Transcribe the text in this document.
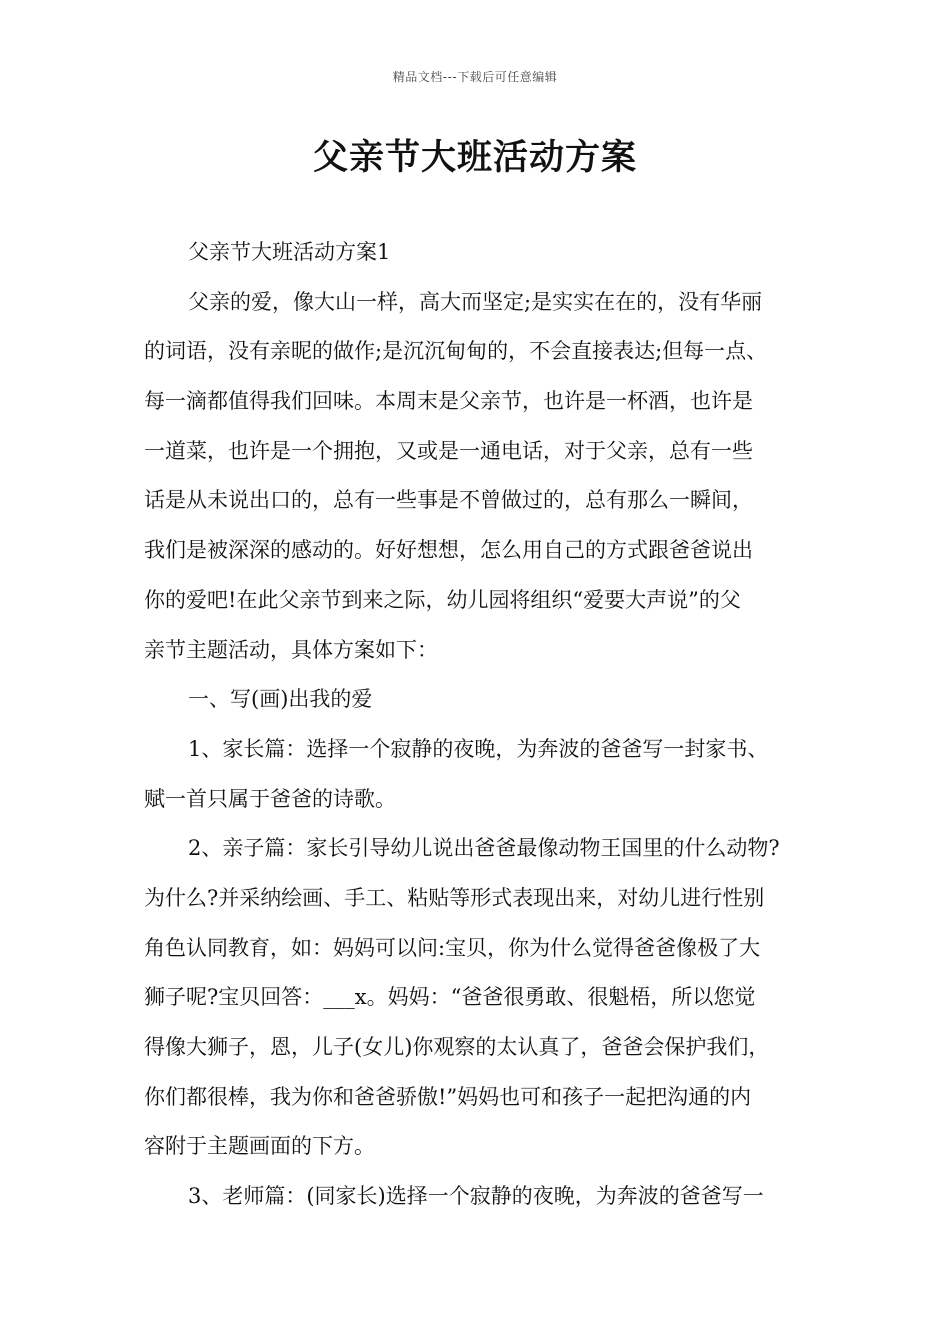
精品文档---下载后可任意编辑
父亲节大班活动方案
父亲节大班活动方案1
父亲的爱，像大山一样，高大而坚定;是实实在在的，没有华丽
的词语，没有亲昵的做作;是沉沉甸甸的，不会直接表达;但每一点、
每一滴都值得我们回味。本周末是父亲节，也许是一杯酒，也许是
一道菜，也许是一个拥抱，又或是一通电话，对于父亲，总有一些
话是从未说出口的，总有一些事是不曾做过的，总有那么一瞬间，
我们是被深深的感动的。好好想想，怎么用自己的方式跟爸爸说出
你的爱吧!在此父亲节到来之际，幼儿园将组织“爱要大声说”的父
亲节主题活动，具体方案如下：
一、写(画)出我的爱
1、家长篇：选择一个寂静的夜晚，为奔波的爸爸写一封家书、
赋一首只属于爸爸的诗歌。
2、亲子篇：家长引导幼儿说出爸爸最像动物王国里的什么动物?
为什么?并采纳绘画、手工、粘贴等形式表现出来，对幼儿进行性别
角色认同教育，如：妈妈可以问:宝贝，你为什么觉得爸爸像极了大
狮子呢?宝贝回答：___x。妈妈：“爸爸很勇敢、很魁梧，所以您觉
得像大狮子，恩，儿子(女儿)你观察的太认真了，爸爸会保护我们，
你们都很棒，我为你和爸爸骄傲!”妈妈也可和孩子一起把沟通的内
容附于主题画面的下方。
3、老师篇：(同家长)选择一个寂静的夜晚，为奔波的爸爸写一
